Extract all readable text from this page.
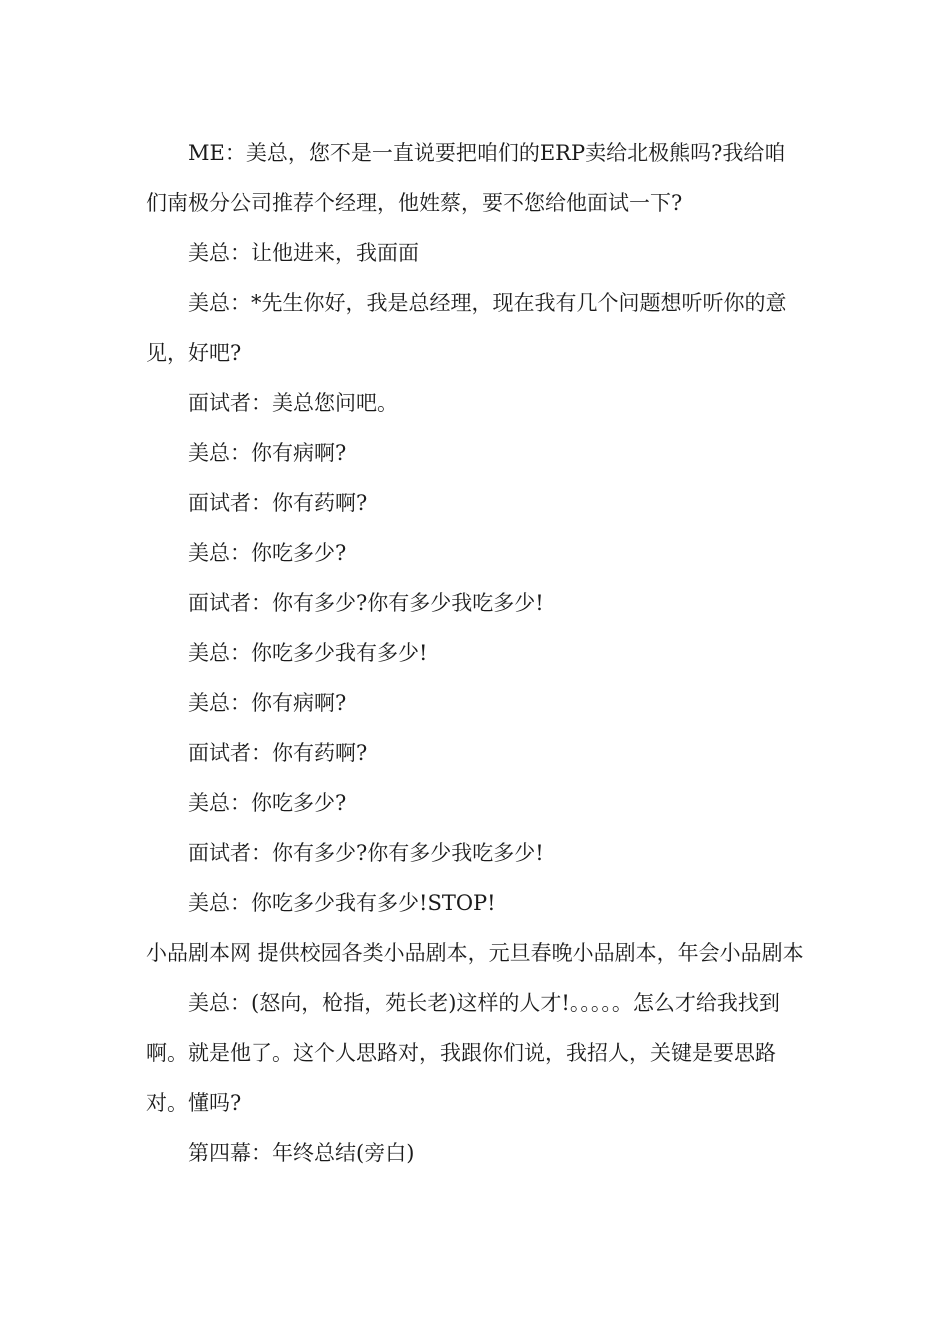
ME：美总，您不是一直说要把咱们的ERP卖给北极熊吗?我给咱们南极分公司推荐个经理，他姓蔡，要不您给他面试一下?

美总：让他进来，我面面

美总：*先生你好，我是总经理，现在我有几个问题想听听你的意见，好吧?

面试者：美总您问吧。

美总：你有病啊?

面试者：你有药啊?

美总：你吃多少?

面试者：你有多少?你有多少我吃多少!

美总：你吃多少我有多少!

美总：你有病啊?

面试者：你有药啊?

美总：你吃多少?

面试者：你有多少?你有多少我吃多少!

美总：你吃多少我有多少!STOP!

小品剧本网 提供校园各类小品剧本，元旦春晚小品剧本，年会小品剧本

美总：(怒向，枪指，苑长老)这样的人才!。。。。。怎么才给我找到啊。就是他了。这个人思路对，我跟你们说，我招人，关键是要思路对。懂吗?

第四幕：年终总结(旁白)
